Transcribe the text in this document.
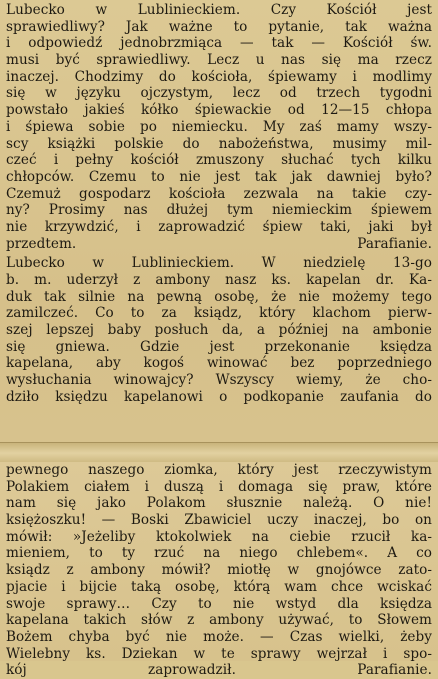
Lubecko w Lublinieckiem. Czy Kościół jest
sprawiedliwy? Jak ważne to pytanie, tak ważna
i odpowiedź jednobrzmiąca — tak — Kościół św.
musi być sprawiedliwy. Lecz u nas się ma rzecz
inaczej. Chodzimy do kościoła, śpiewamy i modlimy
się w języku ojczystym, lecz od trzech tygodni
powstało jakieś kółko śpiewackie od 12—15 chłopa
i śpiewa sobie po niemiecku. My zaś mamy wszy-
scy książki polskie do nabożeństwa, musimy mil-
czeć i pełny kościół zmuszony słuchać tych kilku
chłopców. Czemu to nie jest tak jak dawniej było?
Czemuż gospodarz kościoła zezwala na takie czy-
ny? Prosimy nas dłużej tym niemieckim śpiewem
nie krzywdzić, i zaprowadzić śpiew taki, jaki był
przedtem. Parafianie.
Lubecko w Lublinieckiem. W niedzielę 13-go
b. m. uderzył z ambony nasz ks. kapelan dr. Ka-
duk tak silnie na pewną osobę, że nie możemy tego
zamilczeć. Co to za ksiądz, który klachom pierw-
szej lepszej baby posłuch da, a później na ambonie
się gniewa. Gdzie jest przekonanie księdza
kapelana, aby kogoś winować bez poprzedniego
wysłuchania winowajcy? Wszyscy wiemy, że cho-
dziło księdzu kapelanowi o podkopanie zaufania do
pewnego naszego ziomka, który jest rzeczywistym
Polakiem ciałem i duszą i domaga się praw, które
nam się jako Polakom słusznie należą. O nie!
księżoszku! — Boski Zbawiciel uczy inaczej, bo on
mówił: »Jeżeliby ktokolwiek na ciebie rzucił ka-
mieniem, to ty rzuć na niego chlebem«. A co
ksiądz z ambony mówił? miotłę w gnojówce zato-
pjacie i bijcie taką osobę, którą wam chce wciskać
swoje sprawy… Czy to nie wstyd dla księdza
kapelana takich słów z ambony używać, to Słowem
Bożem chyba być nie może. — Czas wielki, żeby
Wielebny ks. Dziekan w te sprawy wejrzał i spo-
kój zaprowadził. Parafianie.
